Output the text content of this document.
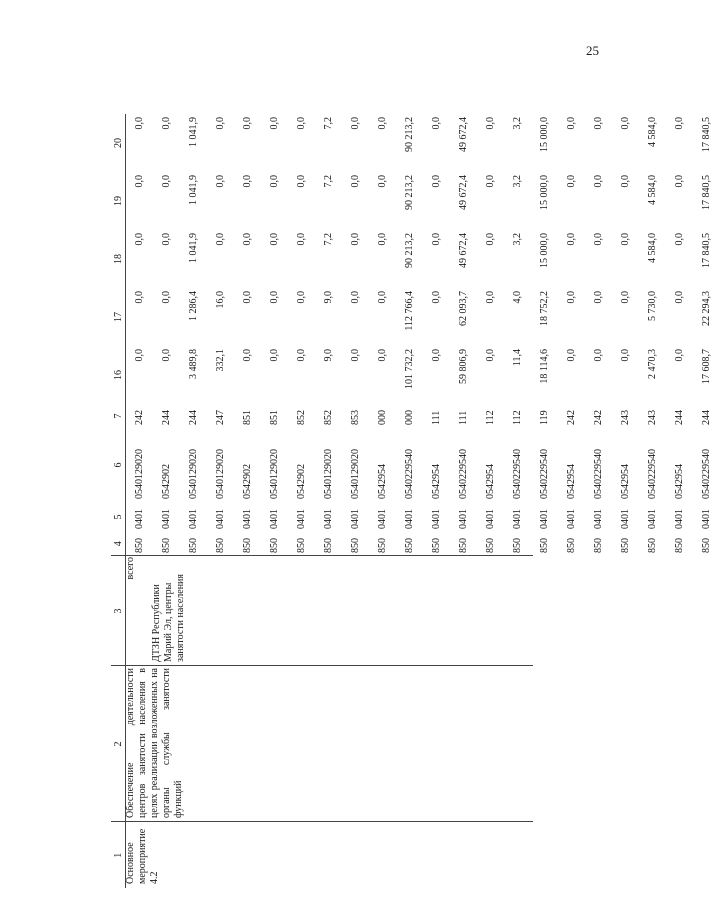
25
1	2	3	4	5	6	7	16	17	18	19	20
			850	0401	0540129020	242	0,0	0,0	0,0	0,0	0,0
			850	0401	0542902	244	0,0	0,0	0,0	0,0	0,0
			850	0401	0540129020	244	3 489,8	1 286,4	1 041,9	1 041,9	1 041,9
			850	0401	0540129020	247	332,1	16,0	0,0	0,0	0,0
			850	0401	0542902	851	0,0	0,0	0,0	0,0	0,0
			850	0401	0540129020	851	0,0	0,0	0,0	0,0	0,0
			850	0401	0542902	852	0,0	0,0	0,0	0,0	0,0
			850	0401	0540129020	852	9,0	9,0	7,2	7,2	7,2
			850	0401	0540129020	853	0,0	0,0	0,0	0,0	0,0
			850	0401	0542954	000	0,0	0,0	0,0	0,0	0,0
			850	0401	0540229540	000	101 732,2	112 766,4	90 213,2	90 213,2	90 213,2
			850	0401	0542954	111	0,0	0,0	0,0	0,0	0,0
			850	0401	0540229540	111	59 806,9	62 093,7	49 672,4	49 672,4	49 672,4
			850	0401	0542954	112	0,0	0,0	0,0	0,0	0,0
			850	0401	0540229540	112	11,4	4,0	3,2	3,2	3,2
			850	0401	0540229540	119	18 114,6	18 752,2	15 000,0	15 000,0	15 000,0
			850	0401	0542954	242	0,0	0,0	0,0	0,0	0,0
			850	0401	0540229540	242	0,0	0,0	0,0	0,0	0,0
			850	0401	0542954	243	0,0	0,0	0,0	0,0	0,0
			850	0401	0540229540	243	2 470,3	5 730,0	4 584,0	4 584,0	4 584,0
			850	0401	0542954	244	0,0	0,0	0,0	0,0	0,0
			850	0401	0540229540	244	17 608,7	22 294,3	17 840,5	17 840,5	17 840,5
Основное мероприятие 4.2
Обеспечение деятельности центров занятости населения в целях реализации возложенных на органы службы занятости функций
всего
ДТЗН Республики Марий Эл, центры занятости населения
